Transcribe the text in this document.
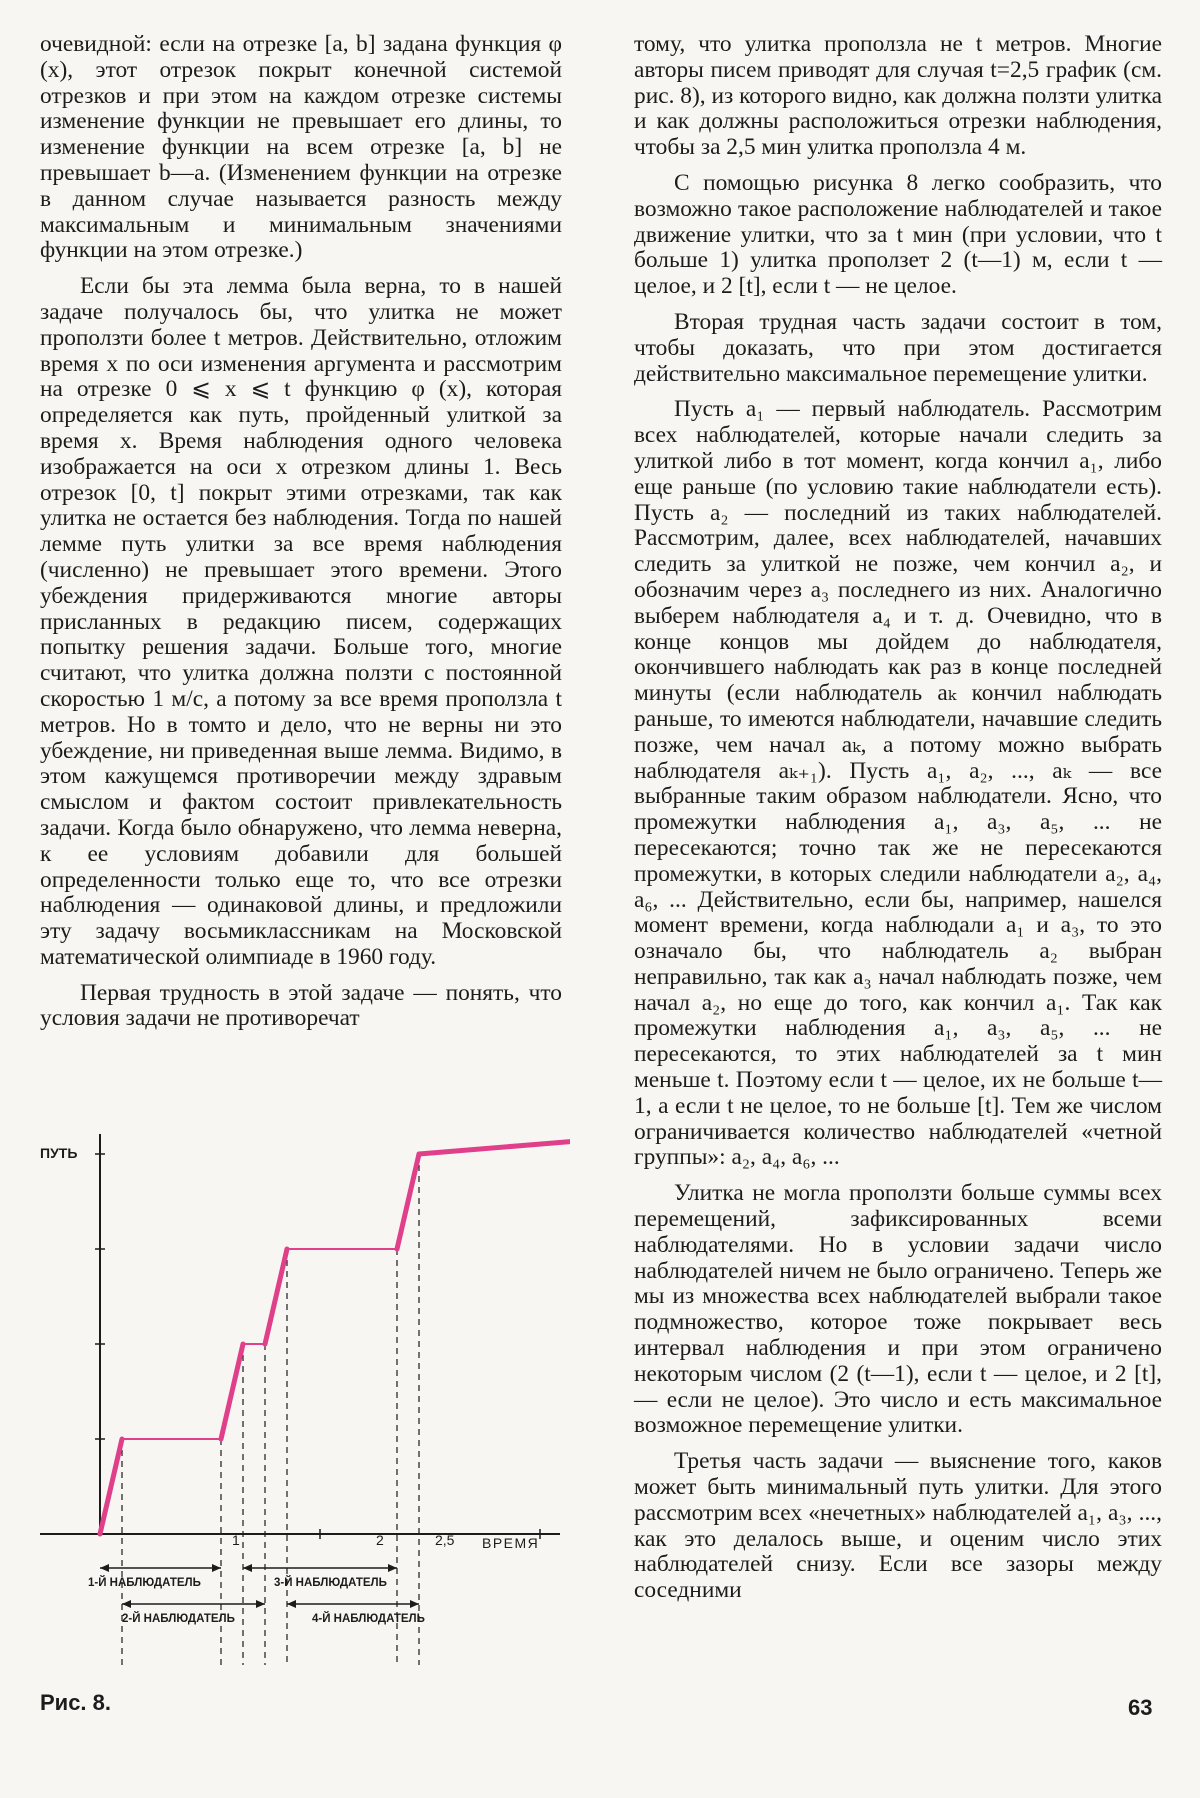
очевидной: если на отрезке [a, b] задана функция φ (x), этот отрезок покрыт конечной системой отрезков и при этом на каждом отрезке системы изменение функции не превышает его длины, то изменение функции на всем отрезке [a, b] не превышает b—a. (Изменением функции на отрезке в данном случае называется разность между максимальным и минимальным значениями функции на этом отрезке.)

Если бы эта лемма была верна, то в нашей задаче получалось бы, что улитка не может проползти более t метров. Действительно, отложим время x по оси изменения аргумента и рассмотрим на отрезке 0 ⩽ x ⩽ t функцию φ (x), которая определяется как путь, пройденный улиткой за время x. Время наблюдения одного человека изображается на оси x отрезком длины 1. Весь отрезок [0, t] покрыт этими отрезками, так как улитка не остается без наблюдения. Тогда по нашей лемме путь улитки за все время наблюдения (численно) не превышает этого времени. Этого убеждения придерживаются многие авторы присланных в редакцию писем, содержащих попытку решения задачи. Больше того, многие считают, что улитка должна ползти с постоянной скоростью 1 м/с, а потому за все время проползла t метров. Но в томто и дело, что не верны ни это убеждение, ни приведенная выше лемма. Видимо, в этом кажущемся противоречии между здравым смыслом и фактом состоит привлекательность задачи. Когда было обнаружено, что лемма неверна, к ее условиям добавили для большей определенности только еще то, что все отрезки наблюдения — одинаковой длины, и предложили эту задачу восьмиклассникам на Московской математической олимпиаде в 1960 году.

Первая трудность в этой задаче — понять, что условия задачи не противоречат

тому, что улитка проползла не t метров. Многие авторы писем приводят для случая t=2,5 график (см. рис. 8), из которого видно, как должна ползти улитка и как должны расположиться отрезки наблюдения, чтобы за 2,5 мин улитка проползла 4 м.

С помощью рисунка 8 легко сообразить, что возможно такое расположение наблюдателей и такое движение улитки, что за t мин (при условии, что t больше 1) улитка проползет 2 (t—1) м, если t — целое, и 2 [t], если t — не целое.

Вторая трудная часть задачи состоит в том, чтобы доказать, что при этом достигается действительно максимальное перемещение улитки.

Пусть a₁ — первый наблюдатель. Рассмотрим всех наблюдателей, которые начали следить за улиткой либо в тот момент, когда кончил a₁, либо еще раньше (по условию такие наблюдатели есть). Пусть a₂ — последний из таких наблюдателей. Рассмотрим, далее, всех наблюдателей, начавших следить за улиткой не позже, чем кончил a₂, и обозначим через a₃ последнего из них. Аналогично выберем наблюдателя a₄ и т. д. Очевидно, что в конце концов мы дойдем до наблюдателя, окончившего наблюдать как раз в конце последней минуты (если наблюдатель aₖ кончил наблюдать раньше, то имеются наблюдатели, начавшие следить позже, чем начал aₖ, а потому можно выбрать наблюдателя aₖ₊₁). Пусть a₁, a₂, ..., aₖ — все выбранные таким образом наблюдатели. Ясно, что промежутки наблюдения a₁, a₃, a₅, ... не пересекаются; точно так же не пересекаются промежутки, в которых следили наблюдатели a₂, a₄, a₆, ... Действительно, если бы, например, нашелся момент времени, когда наблюдали a₁ и a₃, то это означало бы, что наблюдатель a₂ выбран неправильно, так как a₃ начал наблюдать позже, чем начал a₂, но еще до того, как кончил a₁. Так как промежутки наблюдения a₁, a₃, a₅, ... не пересекаются, то этих наблюдателей за t мин меньше t. Поэтому если t — целое, их не больше t—1, а если t не целое, то не больше [t]. Тем же числом ограничивается количество наблюдателей «четной группы»: a₂, a₄, a₆, ...

Улитка не могла проползти больше суммы всех перемещений, зафиксированных всеми наблюдателями. Но в условии задачи число наблюдателей ничем не было ограничено. Теперь же мы из множества всех наблюдателей выбрали такое подмножество, которое тоже покрывает весь интервал наблюдения и при этом ограничено некоторым числом (2 (t—1), если t — целое, и 2 [t], — если не целое). Это число и есть максимальное возможное перемещение улитки.

Третья часть задачи — выяснение того, каков может быть минимальный путь улитки. Для этого рассмотрим всех «нечетных» наблюдателей a₁, a₃, ..., как это делалось выше, и оценим число этих наблюдателей снизу. Если все зазоры между соседними

ПУТЬ
ВРЕМЯ
1	2	2,5
1-Й НАБЛЮДАТЕЛЬ
2-Й НАБЛЮДАТЕЛЬ
3-Й НАБЛЮДАТЕЛЬ
4-Й НАБЛЮДАТЕЛЬ
Рис. 8.	63
